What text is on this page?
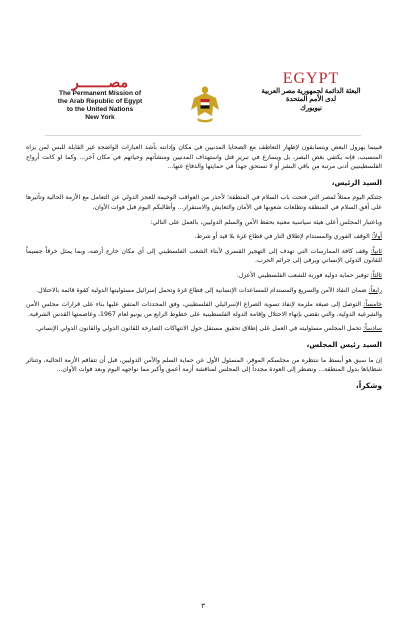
مصـــــــر
The Permanent Mission of
the Arab Republic of Egypt
to the United Nations
New York
EGYPT
البعثة الدائمة لجمهورية مصر العربية
لدى الأمم المتحدة
نيويورك

فبينما يهرول البعض ويتسابقون لإظهار التعاطف مع الضحايا المدنيين في مكان وإدانته بأشد العبارات الواضحة غير القابلة للبس لمن يراه المتسبب، فإنه يكتفي بغض البصر، بل ويسارع في تبرير قتل واستهداف المدنيين ومنشآتهم وحياتهم في مكان آخر... وكما لو كانت أرواح الفلسطينيين أدنى مرتبة من باقي البشر أو لا تستحق جهداً في حمايتها والدفاع عنها...

السيد الرئيس،

جئتكم اليوم ممثلاً لمصر التي فتحت باب السلام في المنطقة؛ لأحذر من العواقب الوخيمة للعجز الدولي عن التعامل مع الأزمة الحالية وتأثيرها على أفق السلام في المنطقة وتطلعات شعوبها في الأمان والتعايش والاستقرار... وأطالبكم اليوم قبل فوات الأوان،

وباعتبار المجلس أعلى هيئة سياسية معنية بحفظ الأمن والسلم الدوليين، بالعمل على التالي:

أولاً: الوقف الفوري والمستدام لإطلاق النار في قطاع غزة بلا قيد أو شرط.

ثانياً: وقف كافة الممارسات التي تهدف إلى التهجير القسري لأبناء الشعب الفلسطيني إلى أي مكان خارج أرضه، وبما يمثل خرقاً جسيماً للقانون الدولي الإنساني ويرقى إلى جرائم الحرب.

ثالثاً: توفير حماية دولية فورية للشعب الفلسطيني الأعزل.

رابعاً: ضمان النفاذ الآمن والسريع والمستدام للمساعدات الإنسانية إلى قطاع غزة وتحمل إسرائيل مسئوليتها الدولية كقوة قائمة بالاحتلال.

خامساً: التوصل إلى صيغة ملزمة لإنفاذ تسوية الصراع الإسرائيلي الفلسطيني، وفق المحددات المتفق عليها بناء على قرارات مجلس الأمن والشرعية الدولية، والتي تقضي بإنهاء الاحتلال وإقامة الدولة الفلسطينية على خطوط الرابع من يونيو لعام 1967، وعاصمتها القدس الشرقية.

سادساً: تحمل المجلس مسئوليته في العمل على إطلاق تحقيق مستقل حول الانتهاكات الصارخة للقانون الدولي والقانون الدولي الإنساني.

السيد رئيس المجلس،

إن ما سبق هو أبسط ما ننتظره من مجلسكم الموقر، المسئول الأول عن حماية السلم والأمن الدوليين، قبل أن تتفاقم الأزمة الحالية، وتتناثر شظاياها بدول المنطقة... ونضطر إلى العودة مجدداً إلى المجلس لمناقشة أزمة أعمق وأكبر مما نواجهه اليوم وبعد فوات الأوان...

وشكراً،

٣
